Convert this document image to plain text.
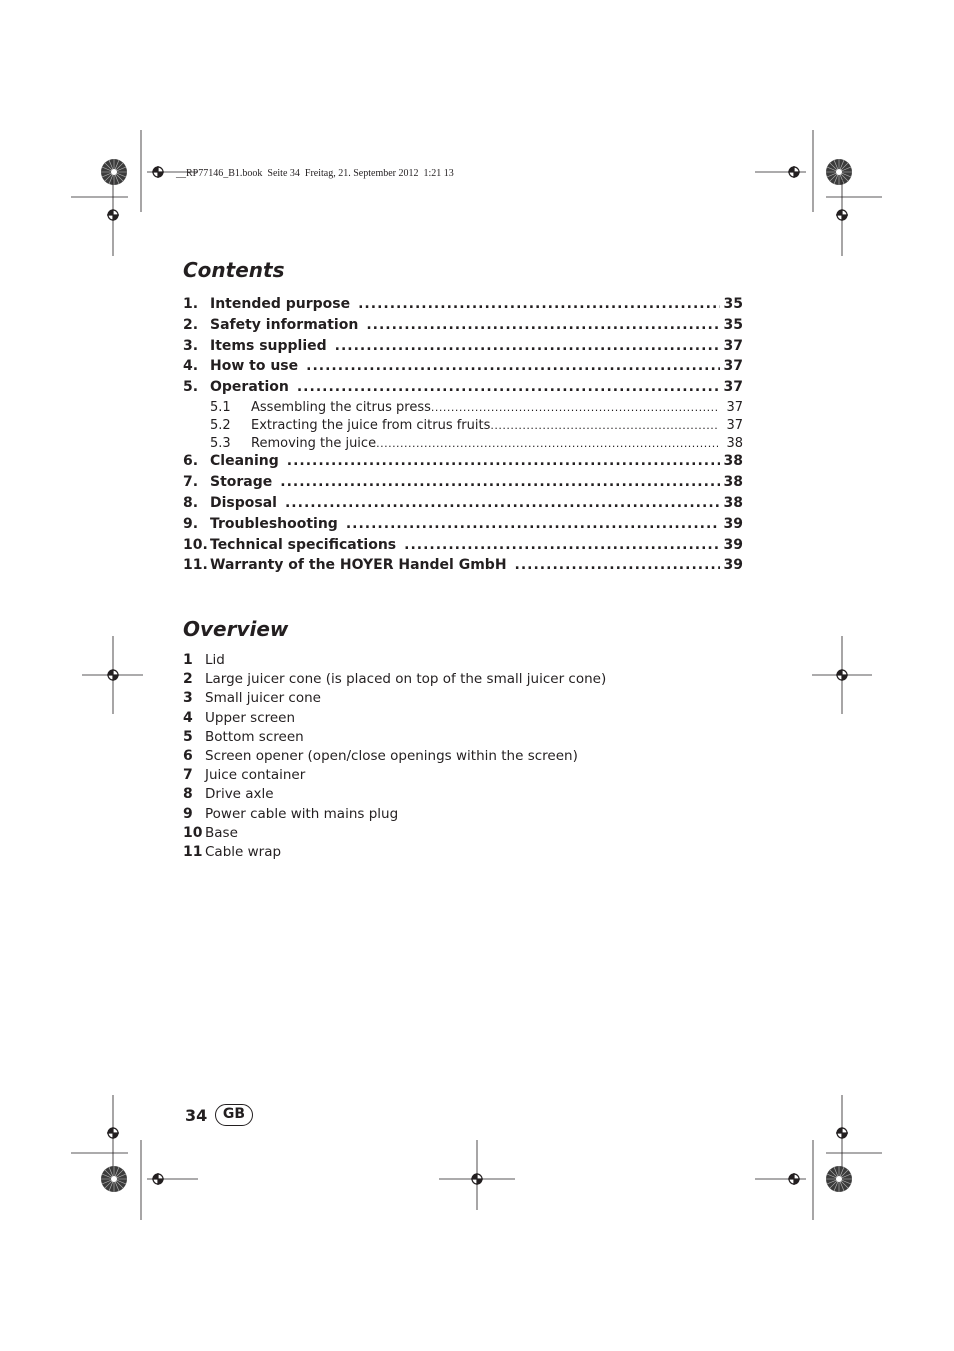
__RP77146_B1.book  Seite 34  Freitag, 21. September 2012  1:21 13
Contents
1. Intended purpose .....	35
2. Safety information .....	35
3. Items supplied .....	37
4. How to use .....	37
5. Operation .....	37
5.1	Assembling the citrus press .....	37
5.2	Extracting the juice from citrus fruits .....	37
5.3	Removing the juice .....	38
6. Cleaning .....	38
7. Storage .....	38
8. Disposal .....	38
9. Troubleshooting .....	39
10. Technical specifications .....	39
11. Warranty of the HOYER Handel GmbH .....	39
Overview
1 Lid
2 Large juicer cone (is placed on top of the small juicer cone)
3 Small juicer cone
4 Upper screen
5 Bottom screen
6 Screen opener (open/close openings within the screen)
7 Juice container
8 Drive axle
9 Power cable with mains plug
10 Base
11 Cable wrap
34	GB
